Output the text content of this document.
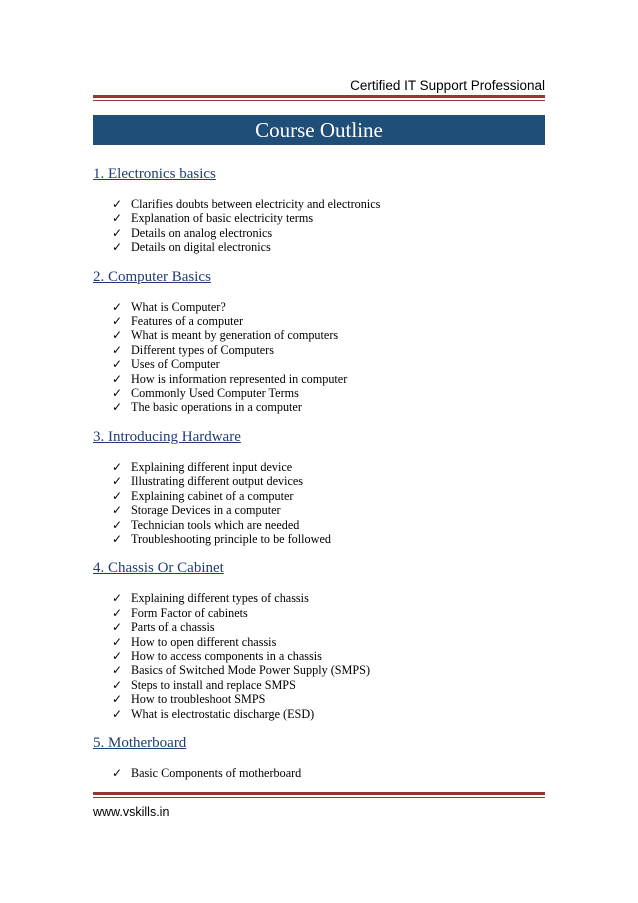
Certified IT Support Professional
Course Outline
1. Electronics basics
✓ Clarifies doubts between electricity and electronics
✓ Explanation of basic electricity terms
✓ Details on analog electronics
✓ Details on digital electronics
2. Computer Basics
✓ What is Computer?
✓ Features of a computer
✓ What is meant by generation of computers
✓ Different types of Computers
✓ Uses of Computer
✓ How is information represented in computer
✓ Commonly Used Computer Terms
✓ The basic operations in a computer
3. Introducing Hardware
✓ Explaining different input device
✓ Illustrating different output devices
✓ Explaining cabinet of a computer
✓ Storage Devices in a computer
✓ Technician tools which are needed
✓ Troubleshooting principle to be followed
4. Chassis Or Cabinet
✓ Explaining different types of chassis
✓ Form Factor of cabinets
✓ Parts of a chassis
✓ How to open different chassis
✓ How to access components in a chassis
✓ Basics of Switched Mode Power Supply (SMPS)
✓ Steps to install and replace SMPS
✓ How to troubleshoot SMPS
✓ What is electrostatic discharge (ESD)
5. Motherboard
✓ Basic Components of motherboard
www.vskills.in
